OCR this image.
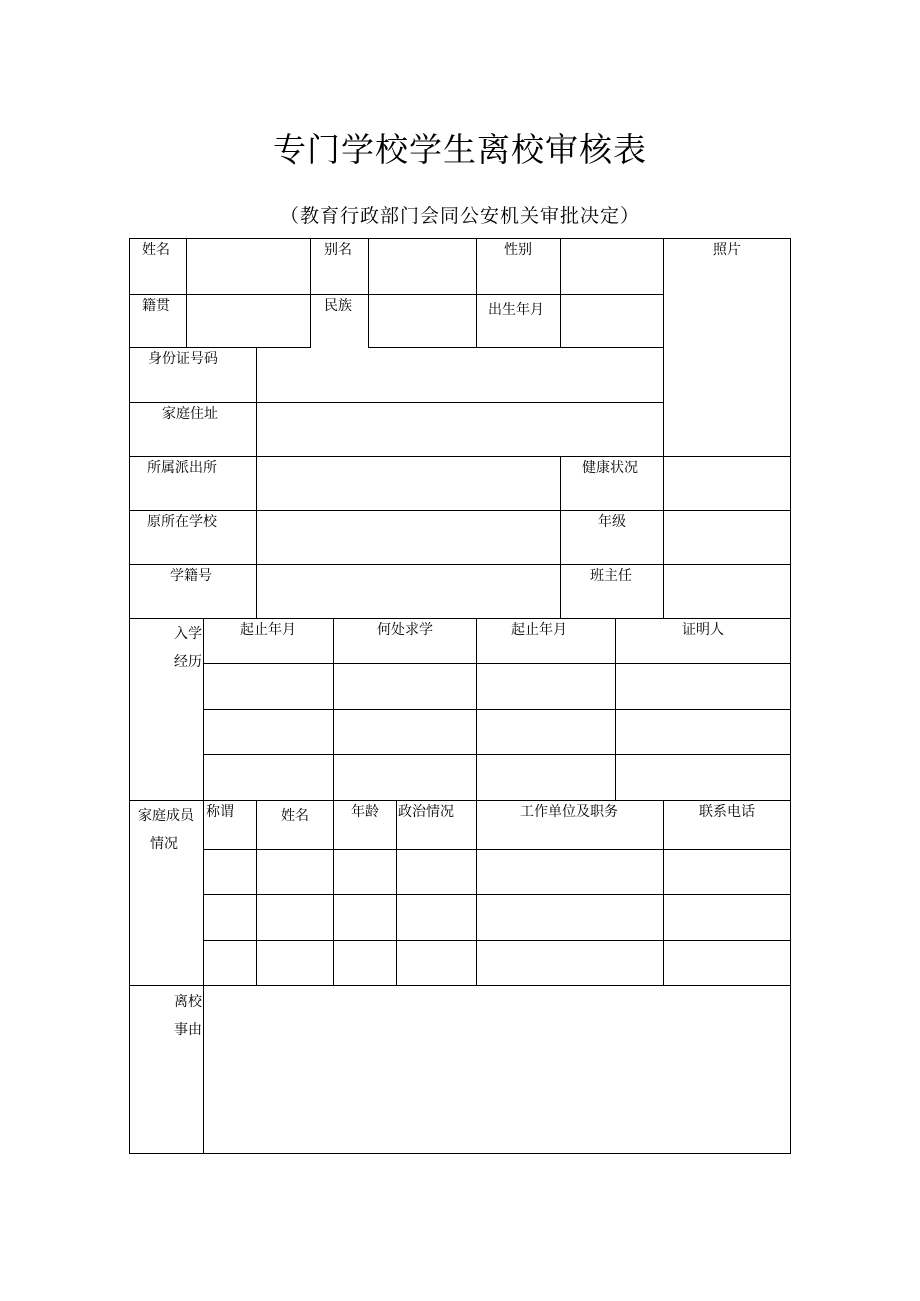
专门学校学生离校审核表
（教育行政部门会同公安机关审批决定）
姓名	别名	性别	照片
籍贯	民族	出生年月
身份证号码
家庭住址
所属派出所	健康状况
原所在学校	年级
学籍号	班主任
入学
经历
起止年月	何处求学	起止年月	证明人
家庭成员
情况
称谓	姓名	年龄 政治情况	工作单位及职务	联系电话
离校
事由
